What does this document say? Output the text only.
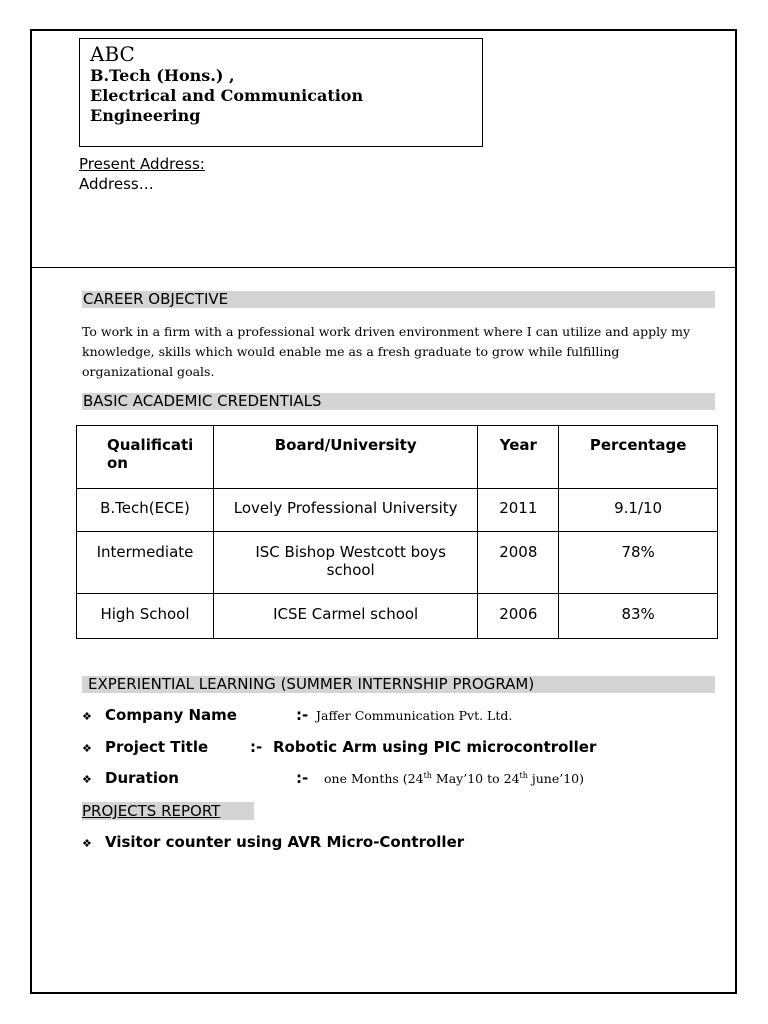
ABC
B.Tech (Hons.) ,
Electrical and Communication
Engineering
Present Address:
Address…
CAREER OBJECTIVE
To work in a firm with a professional work driven environment where I can utilize and apply my knowledge, skills which would enable me as a fresh graduate to grow while fulfilling organizational goals.
BASIC ACADEMIC CREDENTIALS
Qualificati on	Board/University	Year	Percentage
B.Tech(ECE)	Lovely Professional University	2011	9.1/10
Intermediate	ISC Bishop Westcott boys school	2008	78%
High School	ICSE Carmel school	2006	83%
EXPERIENTIAL LEARNING (SUMMER INTERNSHIP PROGRAM)
❖ Company Name	:- Jaffer Communication Pvt. Ltd.
❖ Project Title	:- Robotic Arm using PIC microcontroller
❖ Duration	:- one Months (24th May’10 to 24th june’10)
PROJECTS REPORT
❖ Visitor counter using AVR Micro-Controller
